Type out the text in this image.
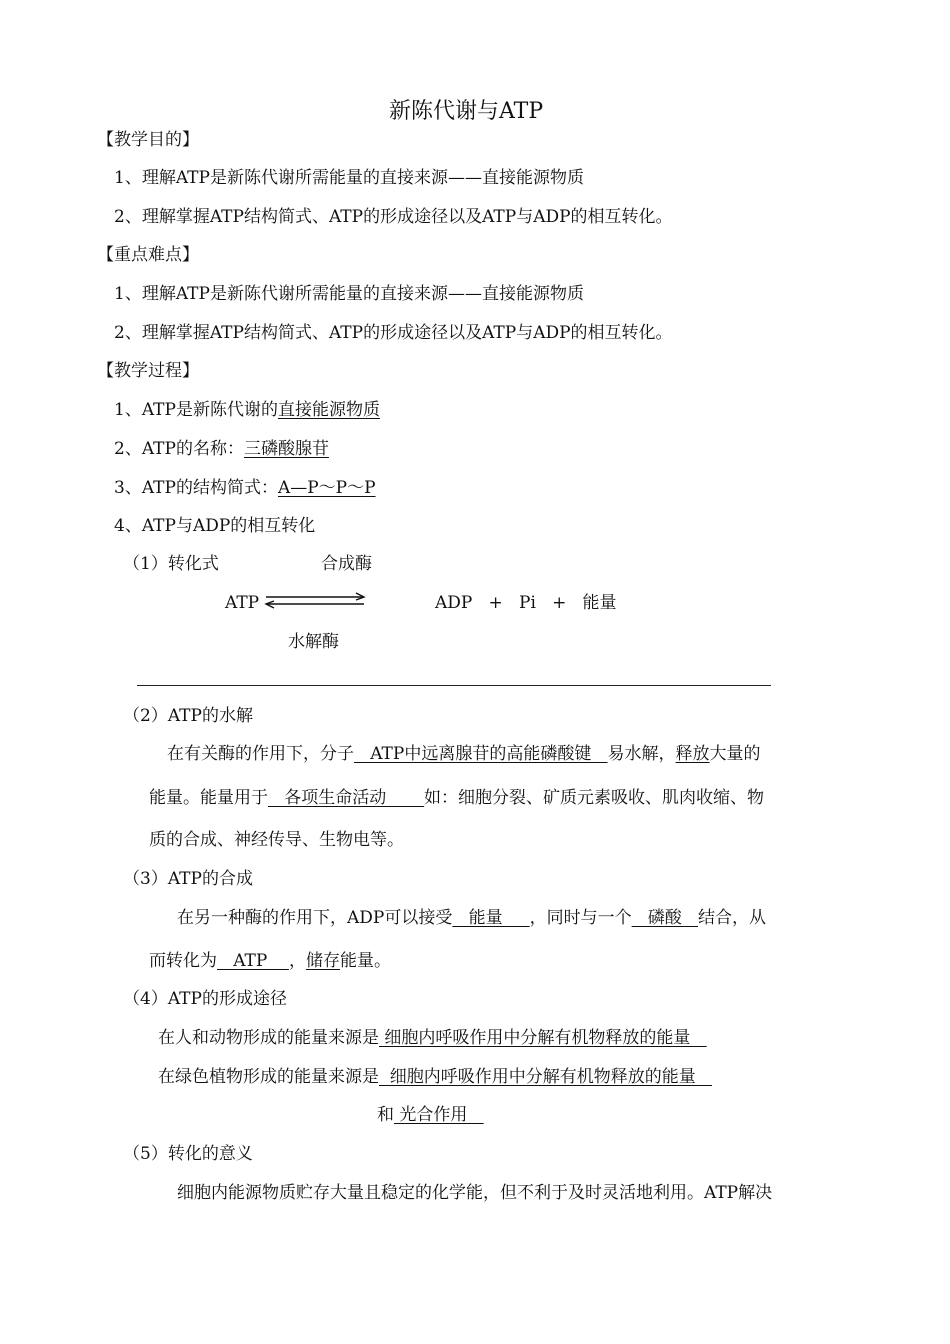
新陈代谢与ATP
【教学目的】
1、理解ATP是新陈代谢所需能量的直接来源——直接能源物质
2、理解掌握ATP结构简式、ATP的形成途径以及ATP与ADP的相互转化。
【重点难点】
1、理解ATP是新陈代谢所需能量的直接来源——直接能源物质
2、理解掌握ATP结构简式、ATP的形成途径以及ATP与ADP的相互转化。
【教学过程】
1、ATP是新陈代谢的直接能源物质
2、ATP的名称：三磷酸腺苷
3、ATP的结构简式：A—P～P～P
4、ATP与ADP的相互转化
（1）转化式	合成酶
ATP	ADP   +   Pi   +   能量
水解酶
（2）ATP的水解
在有关酶的作用下，分子   ATP中远离腺苷的高能磷酸键   易水解，释放大量的
能量。能量用于   各项生命活动       如：细胞分裂、矿质元素吸收、肌肉收缩、物
质的合成、神经传导、生物电等。
（3）ATP的合成
在另一种酶的作用下，ADP可以接受   能量     ，同时与一个   磷酸   结合，从
而转化为   ATP    ，储存能量。
（4）ATP的形成途径
在人和动物形成的能量来源是 细胞内呼吸作用中分解有机物释放的能量
在绿色植物形成的能量来源是  细胞内呼吸作用中分解有机物释放的能量
和 光合作用
（5）转化的意义
细胞内能源物质贮存大量且稳定的化学能，但不利于及时灵活地利用。ATP解决
